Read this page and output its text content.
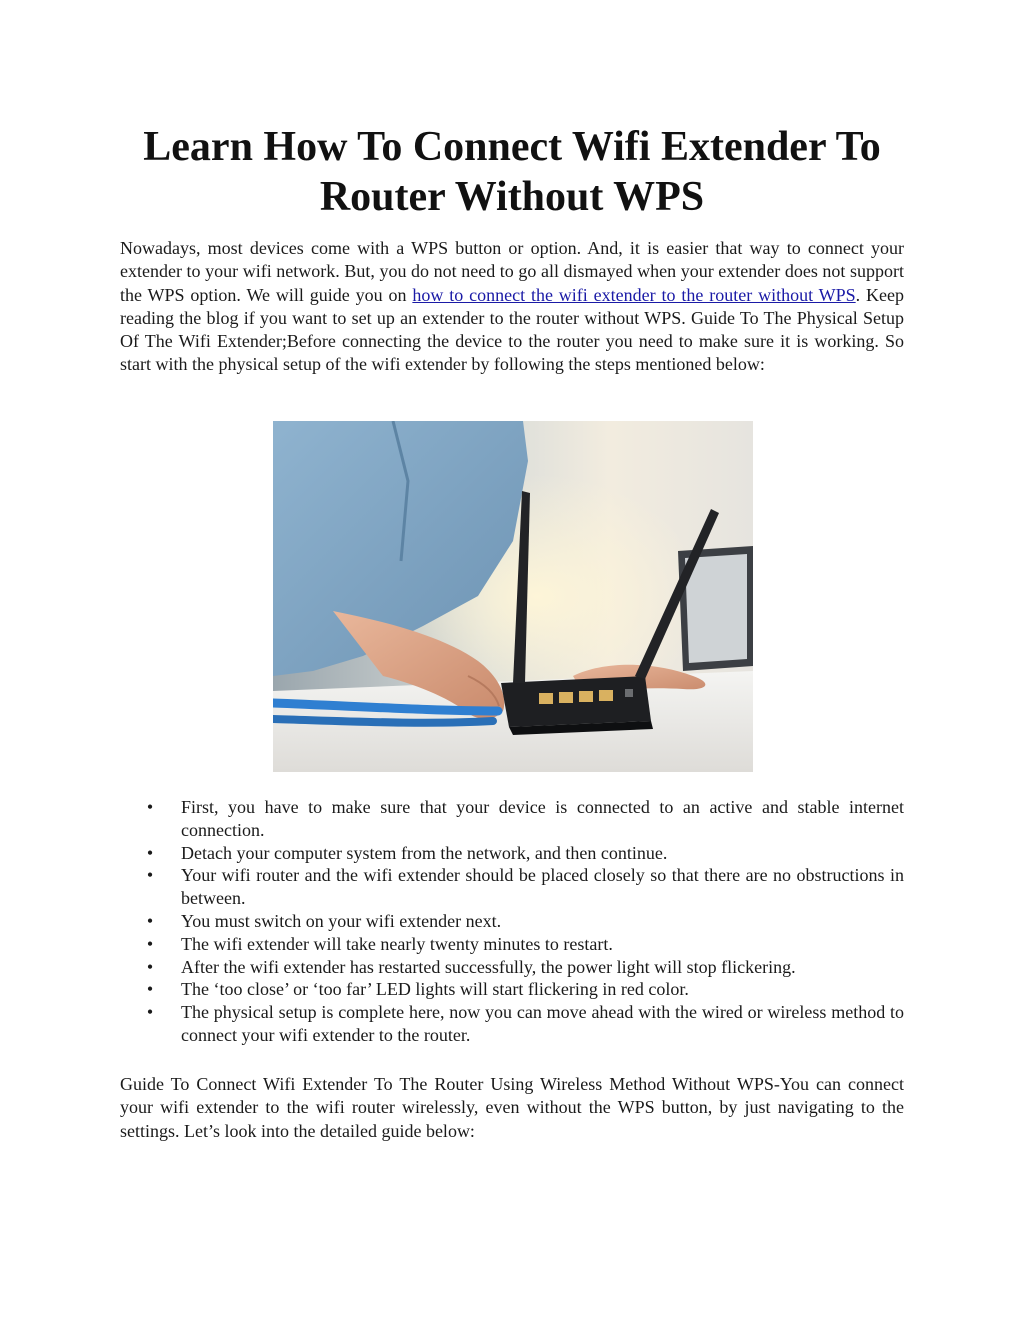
Learn How To Connect Wifi Extender To Router Without WPS

Nowadays, most devices come with a WPS button or option. And, it is easier that way to connect your extender to your wifi network. But, you do not need to go all dismayed when your extender does not support the WPS option. We will guide you on how to connect the wifi extender to the router without WPS. Keep reading the blog if you want to set up an extender to the router without WPS. Guide To The Physical Setup Of The Wifi Extender;Before connecting the device to the router you need to make sure it is working. So start with the physical setup of the wifi extender by following the steps mentioned below:

• First, you have to make sure that your device is connected to an active and stable internet connection.
• Detach your computer system from the network, and then continue.
• Your wifi router and the wifi extender should be placed closely so that there are no obstructions in between.
• You must switch on your wifi extender next.
• The wifi extender will take nearly twenty minutes to restart.
• After the wifi extender has restarted successfully, the power light will stop flickering.
• The ‘too close’ or ‘too far’ LED lights will start flickering in red color.
• The physical setup is complete here, now you can move ahead with the wired or wireless method to connect your wifi extender to the router.

Guide To Connect Wifi Extender To The Router Using Wireless Method Without WPS-You can connect your wifi extender to the wifi router wirelessly, even without the WPS button, by just navigating to the settings. Let’s look into the detailed guide below:
